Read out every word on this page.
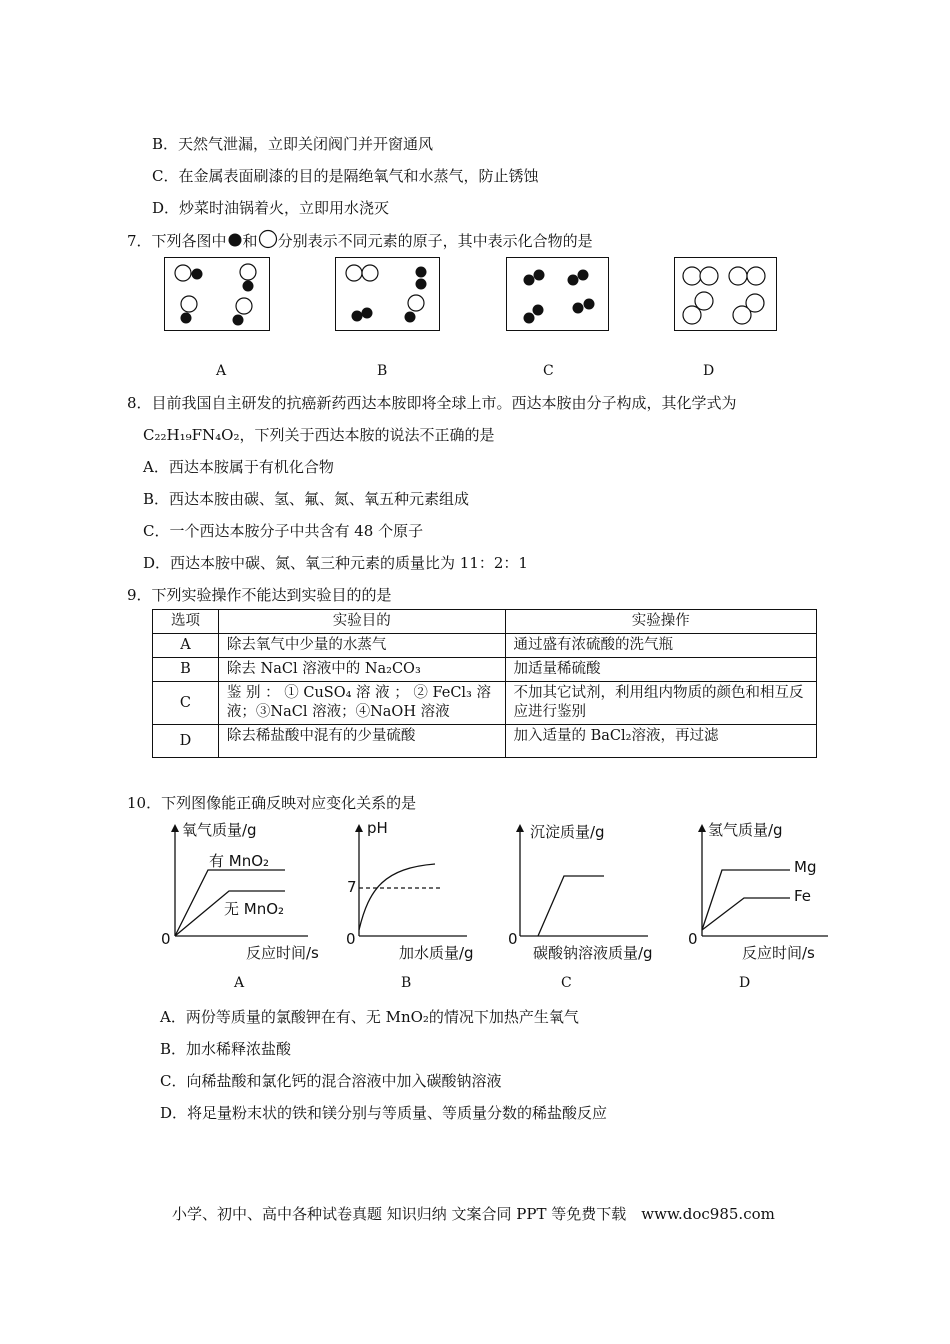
B．天然气泄漏，立即关闭阀门并开窗通风
C．在金属表面刷漆的目的是隔绝氧气和水蒸气，防止锈蚀
D．炒菜时油锅着火，立即用水浇灭
7．下列各图中 和 分别表示不同元素的原子，其中表示化合物的是
A	B	C	D
8．目前我国自主研发的抗癌新药西达本胺即将全球上市。西达本胺由分子构成，其化学式为
C₂₂H₁₉FN₄O₂，下列关于西达本胺的说法不正确的是
A．西达本胺属于有机化合物
B．西达本胺由碳、氢、氟、氮、氧五种元素组成
C．一个西达本胺分子中共含有 48 个原子
D．西达本胺中碳、氮、氧三种元素的质量比为 11：2：1
9．下列实验操作不能达到实验目的的是
选项	实验目的	实验操作
A	除去氧气中少量的水蒸气	通过盛有浓硫酸的洗气瓶
B	除去 NaCl 溶液中的 Na₂CO₃	加适量稀硫酸
C	鉴 别 ： ① CuSO₄ 溶 液 ； ② FeCl₃ 溶液；③NaCl 溶液；④NaOH 溶液	不加其它试剂，利用组内物质的颜色和相互反应进行鉴别
D	除去稀盐酸中混有的少量硫酸	加入适量的 BaCl₂溶液，再过滤
10．下列图像能正确反映对应变化关系的是
氧气质量/g
有 MnO₂
无 MnO₂
0
反应时间/s
A
pH
7
0
加水质量/g
B
沉淀质量/g
0
碳酸钠溶液质量/g
C
氢气质量/g
Mg
Fe
0
反应时间/s
D
A．两份等质量的氯酸钾在有、无 MnO₂的情况下加热产生氧气
B．加水稀释浓盐酸
C．向稀盐酸和氯化钙的混合溶液中加入碳酸钠溶液
D．将足量粉末状的铁和镁分别与等质量、等质量分数的稀盐酸反应
小学、初中、高中各种试卷真题 知识归纳 文案合同 PPT 等免费下载　www.doc985.com
